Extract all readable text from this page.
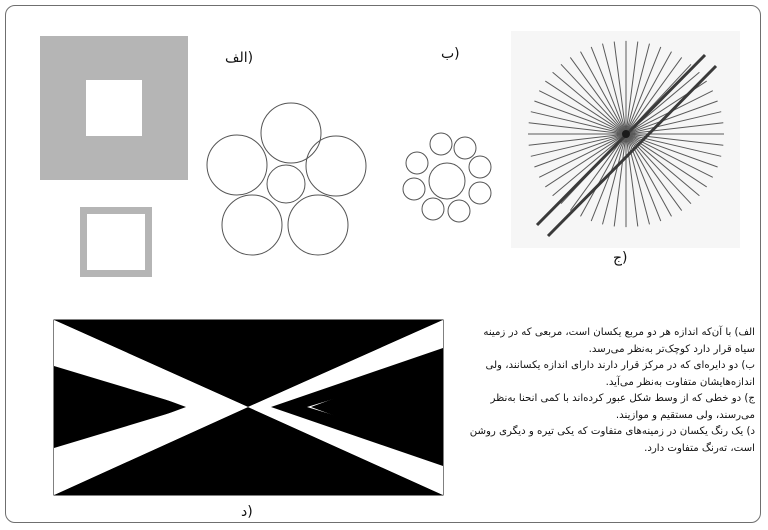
(الف	(ب
(ج
(د

الف) با آن‌که اندازه هر دو مربع یکسان است، مربعی که در زمینه سیاه قرار دارد کوچک‌تر به‌نظر می‌رسد.

ب) دو دایره‌ای که در مرکز قرار دارند دارای اندازه یکسانند، ولی اندازه‌هایشان متفاوت به‌نظر می‌آید.

ج) دو خطی که از وسط شکل عبور کرده‌اند با کمی انحنا به‌نظر می‌رسند، ولی مستقیم و موازیند.

د) یک رنگ یکسان در زمینه‌های متفاوت که یکی تیره و دیگری روشن است، ته‌رنگ متفاوت دارد.
